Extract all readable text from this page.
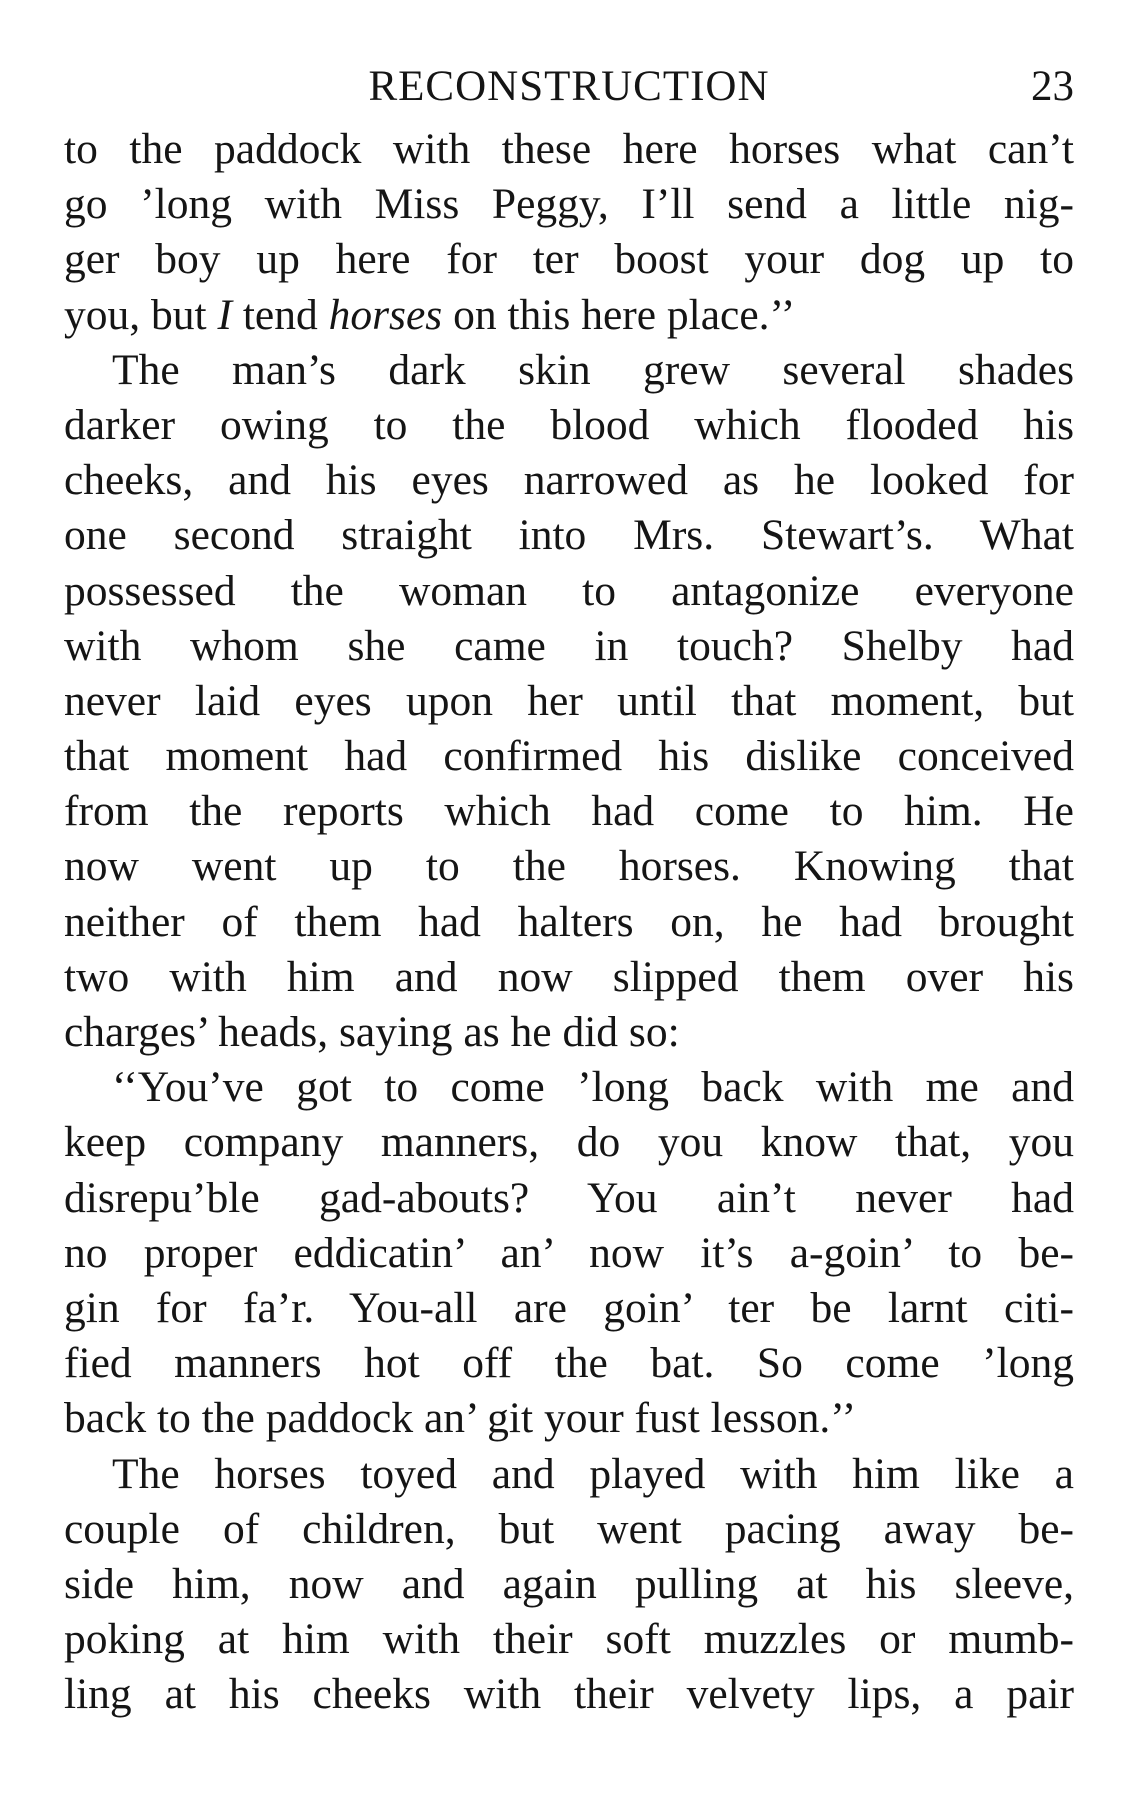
RECONSTRUCTION	23
to the paddock with these here horses what can’t
go ’long with Miss Peggy, I’ll send a little nig-
ger boy up here for ter boost your dog up to
you, but I tend horses on this here place.’’
The man’s dark skin grew several shades
darker owing to the blood which flooded his
cheeks, and his eyes narrowed as he looked for
one second straight into Mrs. Stewart’s. What
possessed the woman to antagonize everyone
with whom she came in touch? Shelby had
never laid eyes upon her until that moment, but
that moment had confirmed his dislike conceived
from the reports which had come to him. He
now went up to the horses. Knowing that
neither of them had halters on, he had brought
two with him and now slipped them over his
charges’ heads, saying as he did so:
‘‘You’ve got to come ’long back with me and
keep company manners, do you know that, you
disrepu’ble gad-abouts? You ain’t never had
no proper eddicatin’ an’ now it’s a-goin’ to be-
gin for fa’r. You-all are goin’ ter be larnt citi-
fied manners hot off the bat. So come ’long
back to the paddock an’ git your fust lesson.’’
The horses toyed and played with him like a
couple of children, but went pacing away be-
side him, now and again pulling at his sleeve,
poking at him with their soft muzzles or mumb-
ling at his cheeks with their velvety lips, a pair
